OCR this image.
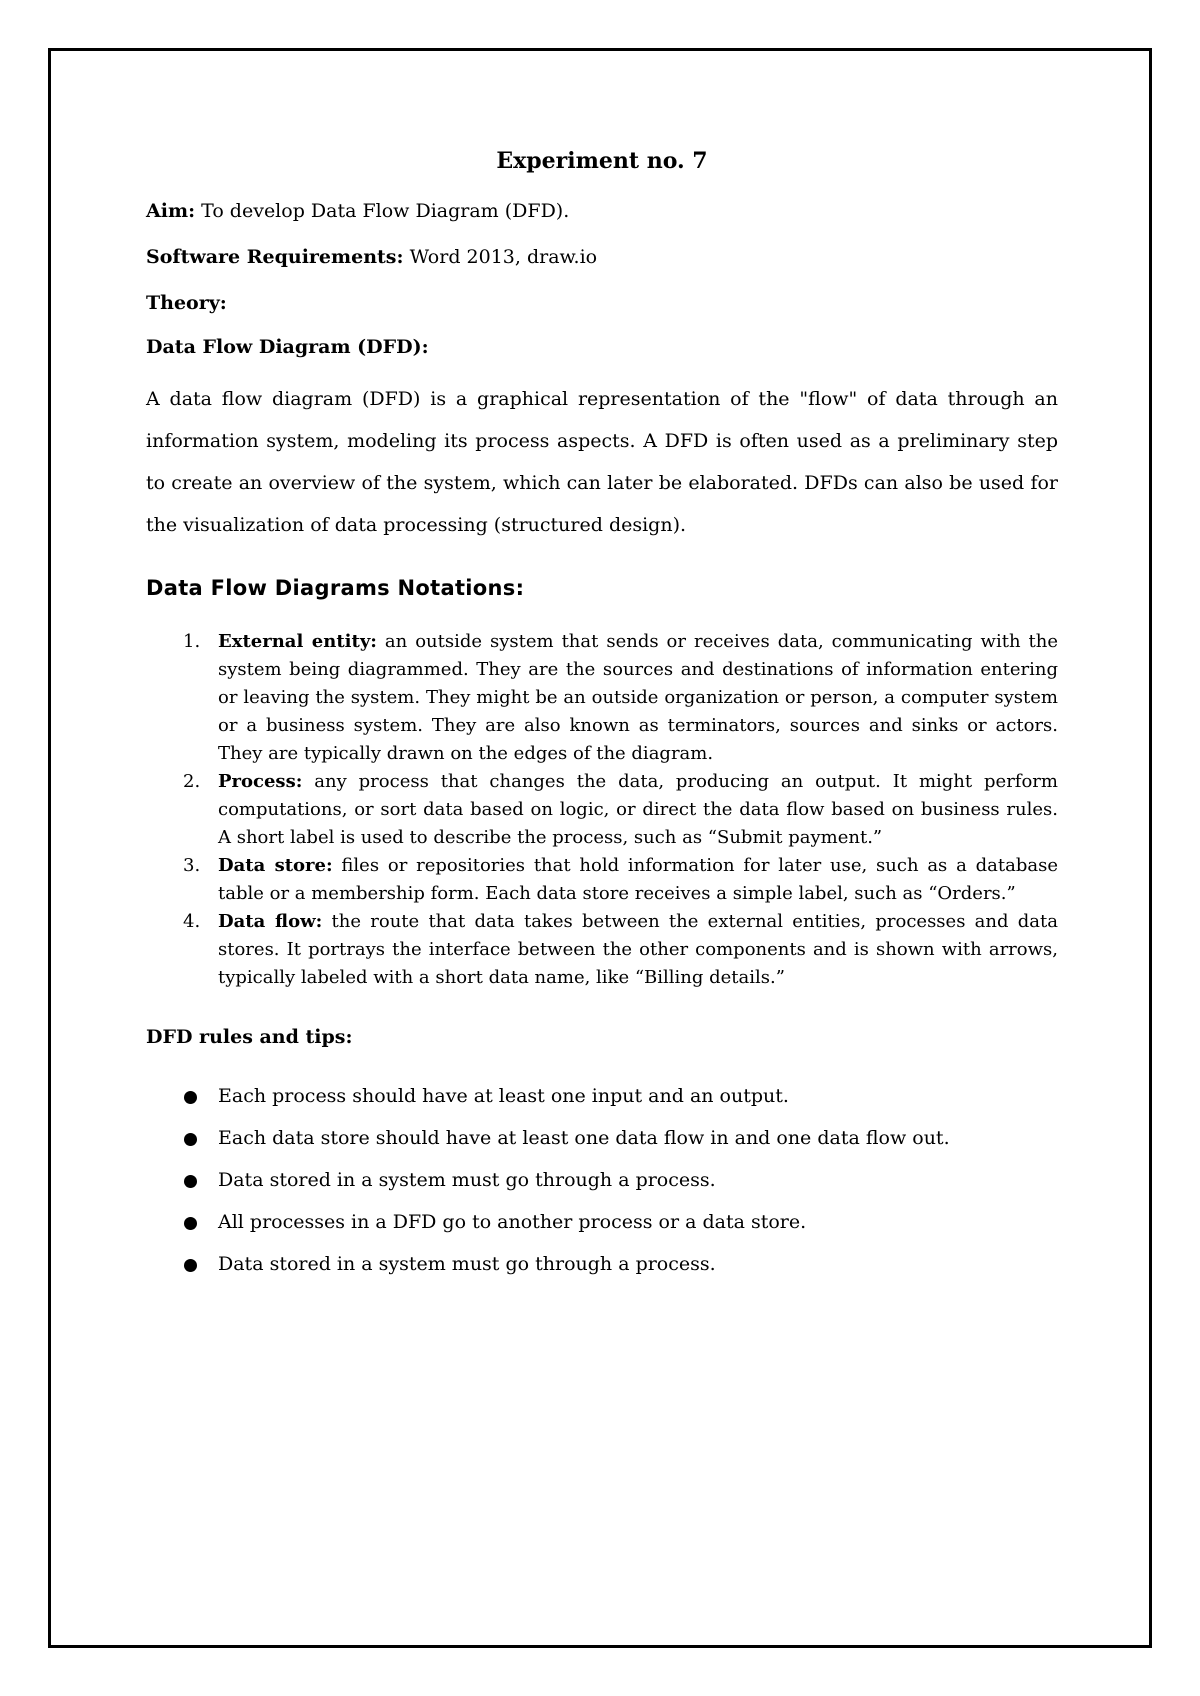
Experiment no. 7
Aim: To develop Data Flow Diagram (DFD).
Software Requirements: Word 2013, draw.io
Theory:
Data Flow Diagram (DFD):
A data flow diagram (DFD) is a graphical representation of the "flow" of data through an information system, modeling its process aspects. A DFD is often used as a preliminary step to create an overview of the system, which can later be elaborated. DFDs can also be used for the visualization of data processing (structured design).
Data Flow Diagrams Notations:
1. External entity: an outside system that sends or receives data, communicating with the system being diagrammed. They are the sources and destinations of information entering or leaving the system. They might be an outside organization or person, a computer system or a business system. They are also known as terminators, sources and sinks or actors. They are typically drawn on the edges of the diagram.
2. Process: any process that changes the data, producing an output. It might perform computations, or sort data based on logic, or direct the data flow based on business rules. A short label is used to describe the process, such as “Submit payment.”
3. Data store: files or repositories that hold information for later use, such as a database table or a membership form. Each data store receives a simple label, such as “Orders.”
4. Data flow: the route that data takes between the external entities, processes and data stores. It portrays the interface between the other components and is shown with arrows, typically labeled with a short data name, like “Billing details.”
DFD rules and tips:
Each process should have at least one input and an output.
Each data store should have at least one data flow in and one data flow out.
Data stored in a system must go through a process.
All processes in a DFD go to another process or a data store.
Data stored in a system must go through a process.
